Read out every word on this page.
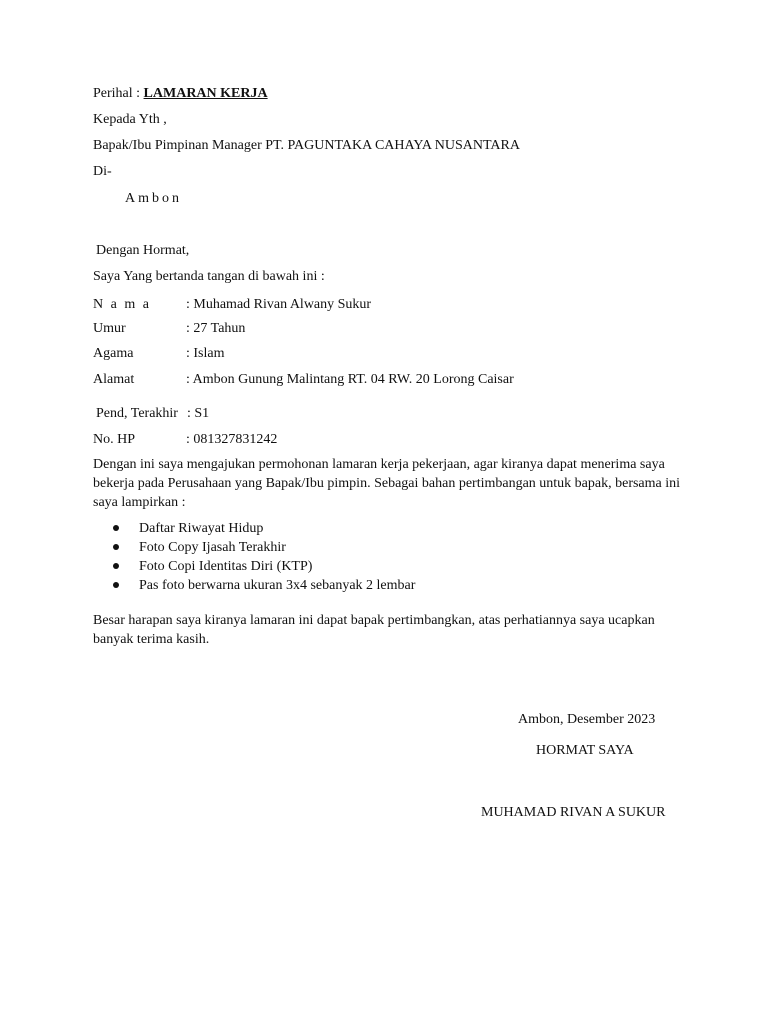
Perihal : LAMARAN KERJA
Kepada Yth ,
Bapak/Ibu Pimpinan Manager PT. PAGUNTAKA CAHAYA NUSANTARA
Di-
Ambon
Dengan Hormat,
Saya Yang bertanda tangan di bawah ini :
N a m a	: Muhamad Rivan Alwany Sukur
Umur	: 27 Tahun
Agama	: Islam
Alamat	: Ambon Gunung Malintang RT. 04 RW. 20 Lorong Caisar
Pend, Terakhir : S1
No. HP	: 081327831242
Dengan ini saya mengajukan permohonan lamaran kerja pekerjaan, agar kiranya dapat menerima saya bekerja pada Perusahaan yang Bapak/Ibu pimpin. Sebagai bahan pertimbangan untuk bapak, bersama ini saya lampirkan :
Daftar Riwayat Hidup
Foto Copy Ijasah Terakhir
Foto Copi Identitas Diri (KTP)
Pas foto berwarna ukuran 3x4 sebanyak 2 lembar
Besar harapan saya kiranya lamaran ini dapat bapak pertimbangkan, atas perhatiannya saya ucapkan banyak terima kasih.
Ambon, Desember 2023
HORMAT SAYA
MUHAMAD RIVAN A SUKUR
